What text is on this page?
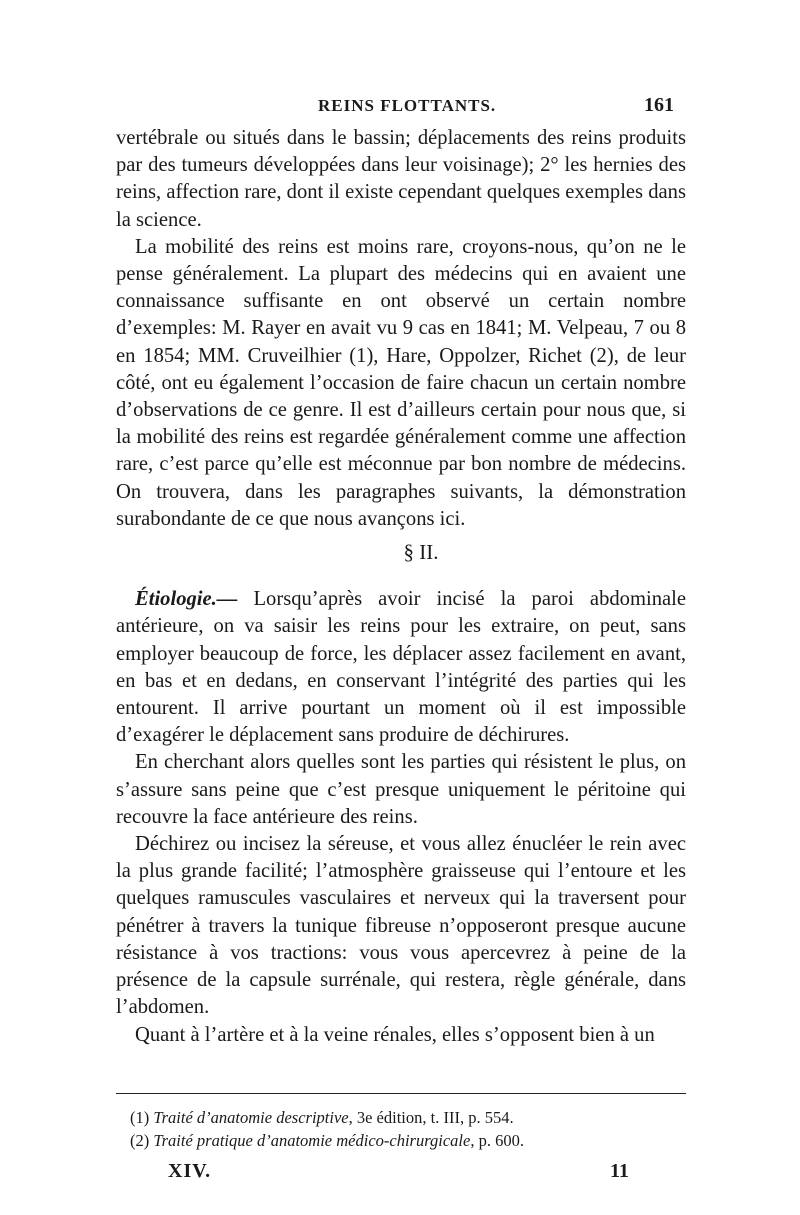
REINS FLOTTANTS.	161

vertébrale ou situés dans le bassin; déplacements des reins produits par des tumeurs développées dans leur voisinage); 2° les hernies des reins, affection rare, dont il existe cependant quelques exemples dans la science.

La mobilité des reins est moins rare, croyons-nous, qu’on ne le pense généralement. La plupart des médecins qui en avaient une connaissance suffisante en ont observé un certain nombre d’exemples: M. Rayer en avait vu 9 cas en 1841; M. Velpeau, 7 ou 8 en 1854; MM. Cruveilhier (1), Hare, Oppolzer, Richet (2), de leur côté, ont eu également l’occasion de faire chacun un certain nombre d’observations de ce genre. Il est d’ailleurs certain pour nous que, si la mobilité des reins est regardée généralement comme une affection rare, c’est parce qu’elle est méconnue par bon nombre de médecins. On trouvera, dans les paragraphes suivants, la démonstration surabondante de ce que nous avançons ici.

§ II.

Étiologie.— Lorsqu’après avoir incisé la paroi abdominale antérieure, on va saisir les reins pour les extraire, on peut, sans employer beaucoup de force, les déplacer assez facilement en avant, en bas et en dedans, en conservant l’intégrité des parties qui les entourent. Il arrive pourtant un moment où il est impossible d’exagérer le déplacement sans produire de déchirures.

En cherchant alors quelles sont les parties qui résistent le plus, on s’assure sans peine que c’est presque uniquement le péritoine qui recouvre la face antérieure des reins.

Déchirez ou incisez la séreuse, et vous allez énucléer le rein avec la plus grande facilité; l’atmosphère graisseuse qui l’entoure et les quelques ramuscules vasculaires et nerveux qui la traversent pour pénétrer à travers la tunique fibreuse n’opposeront presque aucune résistance à vos tractions: vous vous apercevrez à peine de la présence de la capsule surrénale, qui restera, règle générale, dans l’abdomen.

Quant à l’artère et à la veine rénales, elles s’opposent bien à un

(1) Traité d’anatomie descriptive, 3e édition, t. III, p. 554.

(2) Traité pratique d’anatomie médico-chirurgicale, p. 600.

XIV.	11
